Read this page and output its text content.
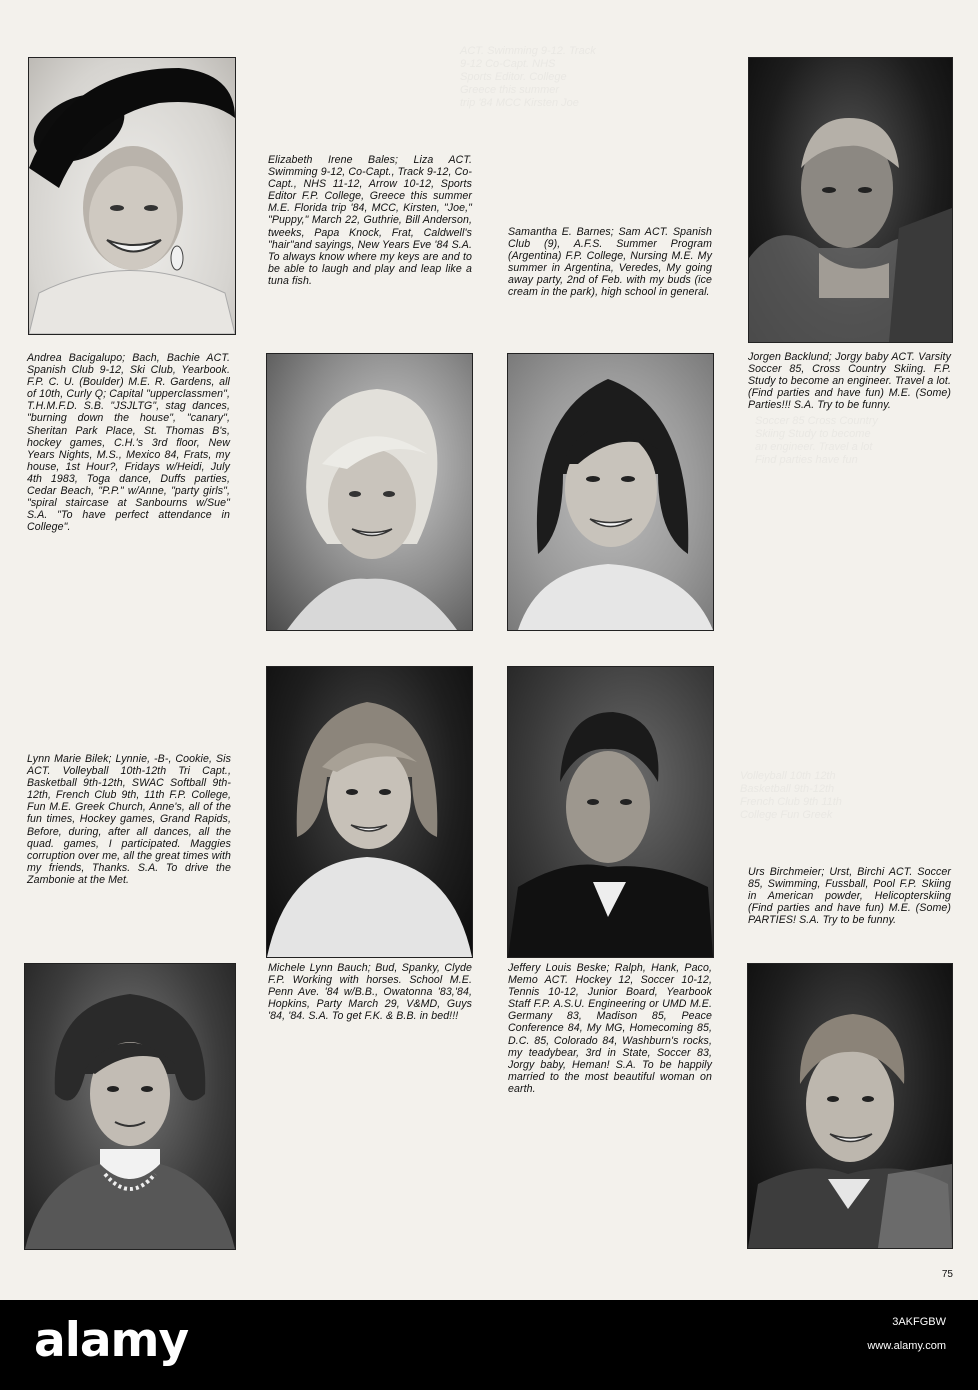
ACT. Swimming 9-12. Track
9-12 Co-Capt. NHS
Sports Editor. College
Greece this summer
trip '84 MCC Kirsten Joe
Soccer 85 Cross Country
Skiing Study to become
an engineer. Travel a lot
Find parties have fun
Volleyball 10th 12th
Basketball 9th-12th
French Club 9th 11th
College Fun Greek
Elizabeth Irene Bales; Liza ACT. Swimming 9-12, Co-Capt., Track 9-12, Co-Capt., NHS 11-12, Arrow 10-12, Sports Editor F.P. College, Greece this summer M.E. Florida trip '84, MCC, Kirsten, "Joe," "Puppy," March 22, Guthrie, Bill Anderson, tweeks, Papa Knock, Frat, Caldwell's "hair"and sayings, New Years Eve '84 S.A. To always know where my keys are and to be able to laugh and play and leap like a tuna fish.
Samantha E. Barnes; Sam ACT. Spanish Club (9), A.F.S. Summer Program (Argentina) F.P. College, Nursing M.E. My summer in Argentina, Veredes, My going away party, 2nd of Feb. with my buds (ice cream in the park), high school in general.
Andrea Bacigalupo; Bach, Bachie ACT. Spanish Club 9-12, Ski Club, Yearbook. F.P. C. U. (Boulder) M.E. R. Gardens, all of 10th, Curly Q; Capital "upperclassmen", T.H.M.F.D. S.B. "JSJLTG", stag dances, "burning down the house", "canary", Sheritan Park Place, St. Thomas B's, hockey games, C.H.'s 3rd floor, New Years Nights, M.S., Mexico 84, Frats, my house, 1st Hour?, Fridays w/Heidi, July 4th 1983, Toga dance, Duffs parties, Cedar Beach, "P.P." w/Anne, "party girls", "spiral staircase at Sanbourns w/Sue" S.A. "To have perfect attendance in College".
Jorgen Backlund; Jorgy baby ACT. Varsity Soccer 85, Cross Country Skiing. F.P. Study to become an engineer. Travel a lot. (Find parties and have fun) M.E. (Some) Parties!!! S.A. Try to be funny.
Lynn Marie Bilek; Lynnie, -B-, Cookie, Sis ACT. Volleyball 10th-12th Tri Capt., Basketball 9th-12th, SWAC Softball 9th-12th, French Club 9th, 11th F.P. College, Fun M.E. Greek Church, Anne's, all of the fun times, Hockey games, Grand Rapids, Before, during, after all dances, all the quad. games, I participated. Maggies corruption over me, all the great times with my friends, Thanks. S.A. To drive the Zambonie at the Met.
Urs Birchmeier; Urst, Birchi ACT. Soccer 85, Swimming, Fussball, Pool F.P. Skiing in American powder, Helicopterskiing (Find parties and have fun) M.E. (Some) PARTIES! S.A. Try to be funny.
Michele Lynn Bauch; Bud, Spanky, Clyde F.P. Working with horses. School M.E. Penn Ave. '84 w/B.B., Owatonna '83,'84, Hopkins, Party March 29, V&MD, Guys '84, '84. S.A. To get F.K. & B.B. in bed!!!
Jeffery Louis Beske; Ralph, Hank, Paco, Memo ACT. Hockey 12, Soccer 10-12, Tennis 10-12, Junior Board, Yearbook Staff F.P. A.S.U. Engineering or UMD M.E. Germany 83, Madison 85, Peace Conference 84, My MG, Homecoming 85, D.C. 85, Colorado 84, Washburn's rocks, my teadybear, 3rd in State, Soccer 83, Jorgy baby, Heman! S.A. To be happily married to the most beautiful woman on earth.
75
alamy	3AKFGBW
www.alamy.com
